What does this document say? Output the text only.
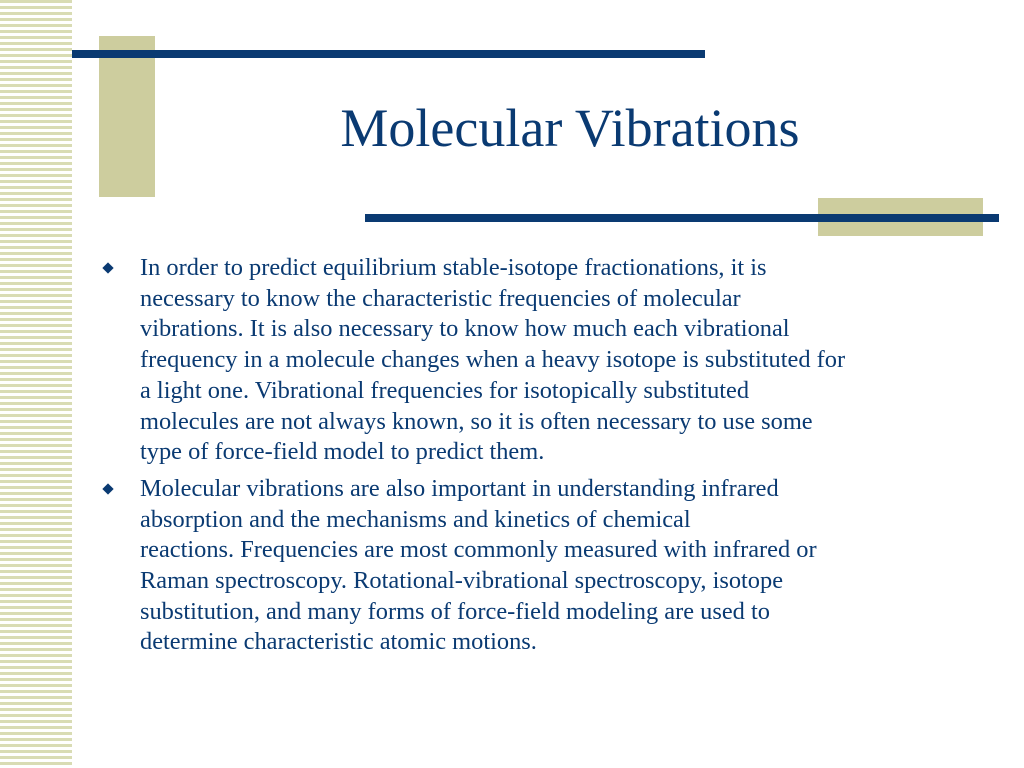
Molecular Vibrations
In order to predict equilibrium stable-isotope fractionations, it is
necessary to know the characteristic frequencies of molecular
vibrations. It is also necessary to know how much each vibrational
frequency in a molecule changes when a heavy isotope is substituted for
a light one. Vibrational frequencies for isotopically substituted
molecules are not always known, so it is often necessary to use some
type of force-field model to predict them.
Molecular vibrations are also important in understanding infrared
absorption and the mechanisms and kinetics of chemical
reactions. Frequencies are most commonly measured with infrared or
Raman spectroscopy. Rotational-vibrational spectroscopy, isotope
substitution, and many forms of force-field modeling are used to
determine characteristic atomic motions.
